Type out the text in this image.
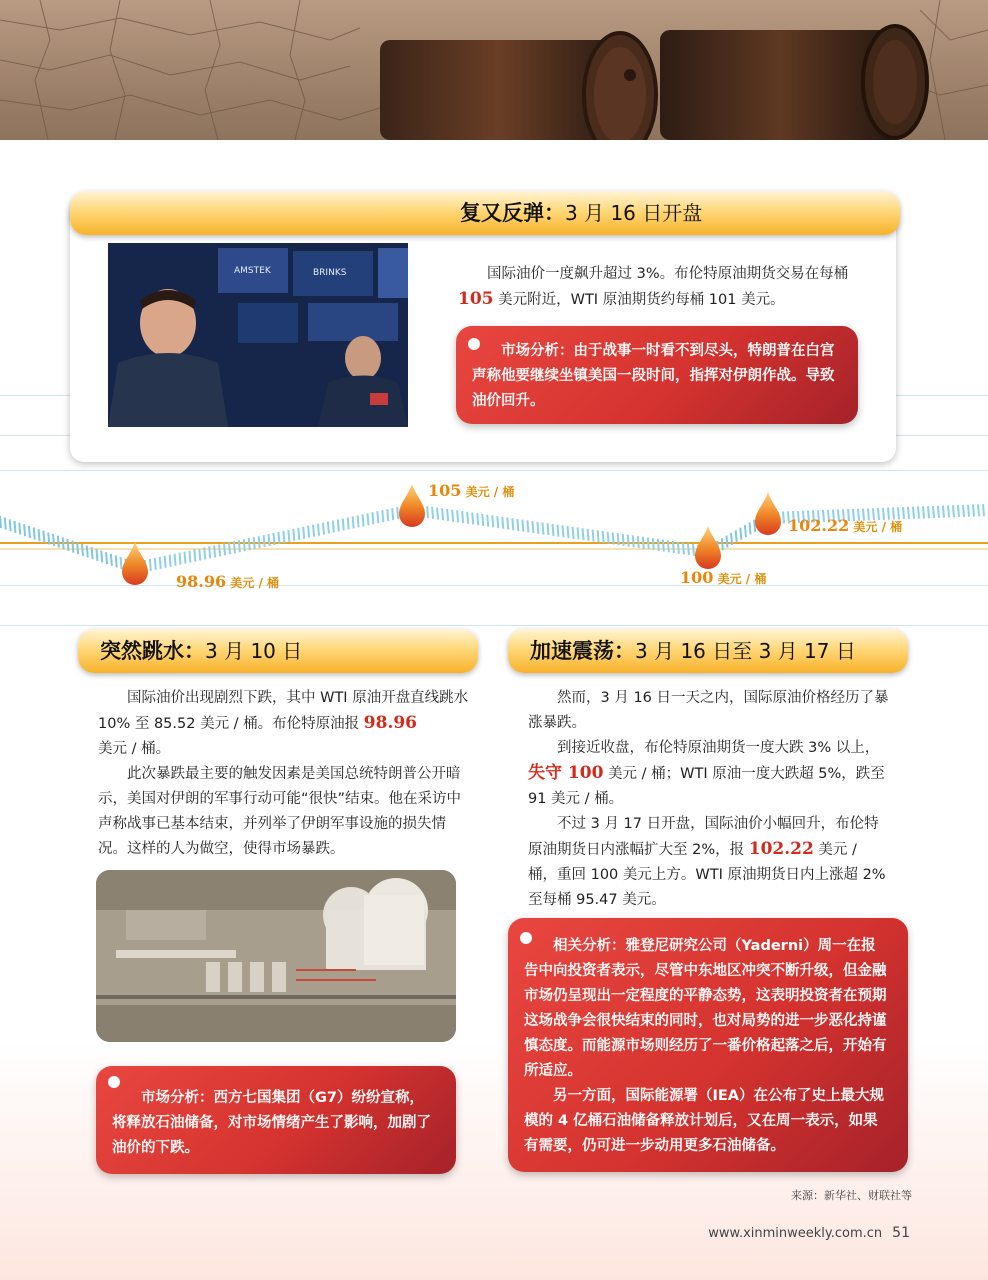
复又反弹：3 月 16 日开盘
AMSTEK	BRINKS	国际油价一度飙升超过 3%。布伦特原油期货交易在每桶 105 美元附近，WTI 原油期货约每桶 101 美元。

市场分析：由于战事一时看不到尽头，特朗普在白宫声称他要继续坐镇美国一段时间，指挥对伊朗作战。导致油价回升。

98.96 美元 / 桶
105 美元 / 桶
100 美元 / 桶
102.22 美元 / 桶
突然跳水：3 月 10 日

国际油价出现剧烈下跌，其中 WTI 原油开盘直线跳水 10% 至 85.52 美元 / 桶。布伦特原油报 98.96
美元 / 桶。

此次暴跌最主要的触发因素是美国总统特朗普公开暗示，美国对伊朗的军事行动可能“很快”结束。他在采访中声称战事已基本结束，并列举了伊朗军事设施的损失情况。这样的人为做空，使得市场暴跌。

市场分析：西方七国集团（G7）纷纷宣称，将释放石油储备，对市场情绪产生了影响，加剧了油价的下跌。

加速震荡：3 月 16 日至 3 月 17 日

然而，3 月 16 日一天之内，国际原油价格经历了暴涨暴跌。

到接近收盘，布伦特原油期货一度大跌 3% 以上，失守 100 美元 / 桶；WTI 原油一度大跌超 5%，跌至 91 美元 / 桶。

不过 3 月 17 日开盘，国际油价小幅回升，布伦特原油期货日内涨幅扩大至 2%，报 102.22 美元 / 桶，重回 100 美元上方。WTI 原油期货日内上涨超 2% 至每桶 95.47 美元。

相关分析：雅登尼研究公司（Yaderni）周一在报告中向投资者表示，尽管中东地区冲突不断升级，但金融市场仍呈现出一定程度的平静态势，这表明投资者在预期这场战争会很快结束的同时，也对局势的进一步恶化持谨慎态度。而能源市场则经历了一番价格起落之后，开始有所适应。

另一方面，国际能源署（IEA）在公布了史上最大规模的 4 亿桶石油储备释放计划后，又在周一表示，如果有需要，仍可进一步动用更多石油储备。

来源：新华社、财联社等
www.xinminweekly.com.cn 51
